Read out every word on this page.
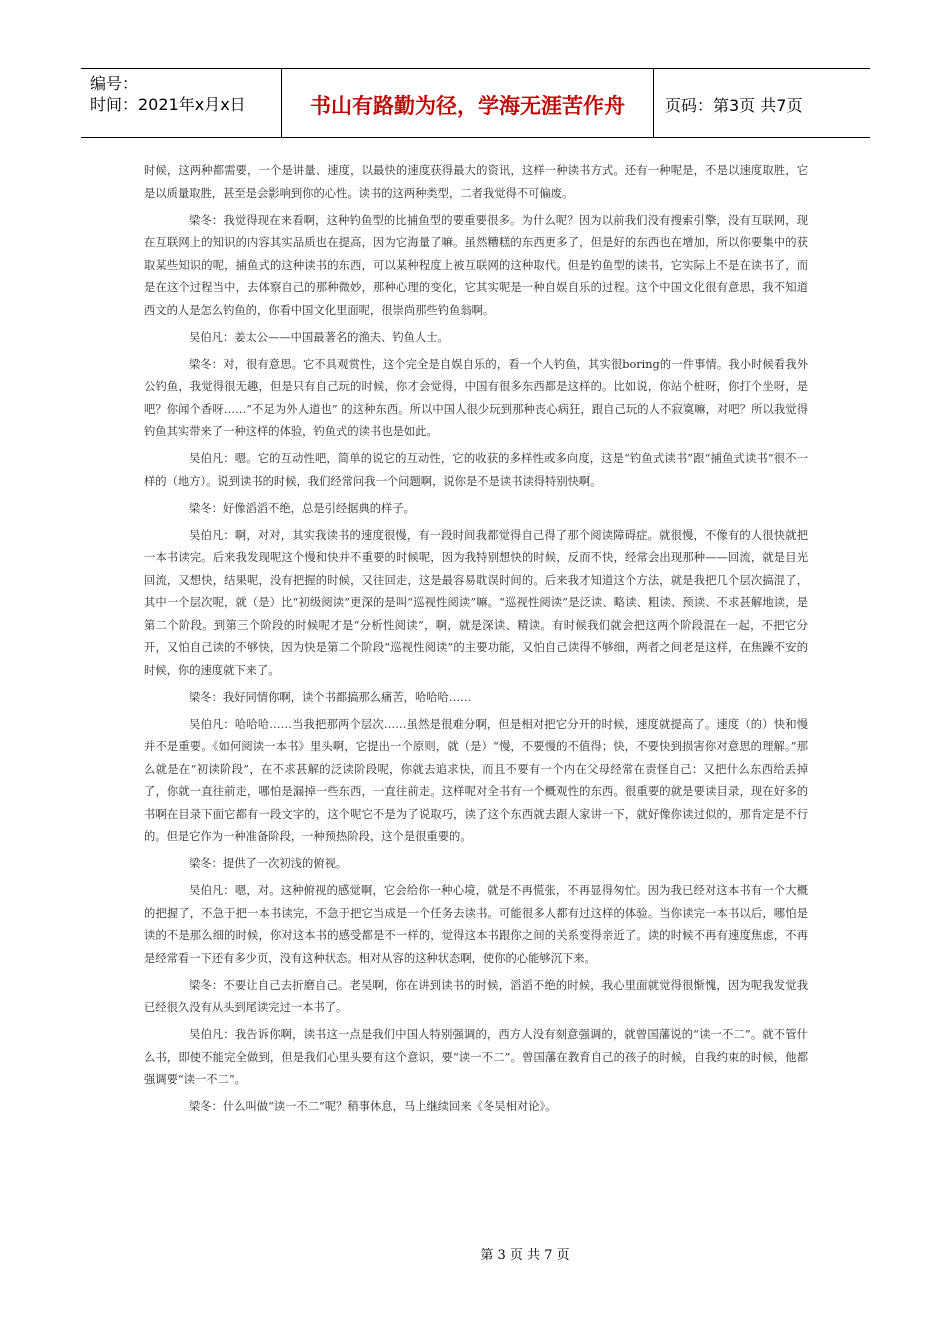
编号：
时间：2021年x月x日	书山有路勤为径，学海无涯苦作舟	页码：第3页 共7页

时候，这两种都需要，一个是讲量、速度，以最快的速度获得最大的资讯，这样一种读书方式。还有一种呢是，不是以速度取胜，它是以质量取胜，甚至是会影响到你的心性。读书的这两种类型，二者我觉得不可偏废。

梁冬：我觉得现在来看啊，这种钓鱼型的比捕鱼型的要重要很多。为什么呢？因为以前我们没有搜索引擎，没有互联网，现在互联网上的知识的内容其实品质也在提高，因为它海量了嘛。虽然糟糕的东西更多了，但是好的东西也在增加，所以你要集中的获取某些知识的呢，捕鱼式的这种读书的东西，可以某种程度上被互联网的这种取代。但是钓鱼型的读书，它实际上不是在读书了，而是在这个过程当中，去体察自己的那种微妙，那种心理的变化，它其实呢是一种自娱自乐的过程。这个中国文化很有意思，我不知道西文的人是怎么钓鱼的，你看中国文化里面呢，很崇尚那些钓鱼翁啊。

吴伯凡：姜太公——中国最著名的渔夫、钓鱼人士。

梁冬：对，很有意思。它不具观赏性，这个完全是自娱自乐的，看一个人钓鱼，其实很boring的一件事情。我小时候看我外公钓鱼，我觉得很无趣，但是只有自己玩的时候，你才会觉得，中国有很多东西都是这样的。比如说，你站个桩呀，你打个坐呀，是吧？你闻个香呀……“不足为外人道也” 的这种东西。所以中国人很少玩到那种丧心病狂，跟自己玩的人不寂寞嘛，对吧？所以我觉得钓鱼其实带来了一种这样的体验，钓鱼式的读书也是如此。

吴伯凡：嗯。它的互动性吧，简单的说它的互动性，它的收获的多样性或多向度，这是“钓鱼式读书”跟“捕鱼式读书”很不一样的（地方）。说到读书的时候，我们经常问我一个问题啊，说你是不是读书读得特别快啊。

梁冬：好像滔滔不绝，总是引经据典的样子。

吴伯凡：啊，对对，其实我读书的速度很慢，有一段时间我都觉得自己得了那个阅读障碍症。就很慢，不像有的人很快就把一本书读完。后来我发现呢这个慢和快并不重要的时候呢，因为我特别想快的时候，反而不快，经常会出现那种——回流，就是目光回流，又想快，结果呢，没有把握的时候，又往回走，这是最容易耽误时间的。后来我才知道这个方法，就是我把几个层次搞混了，其中一个层次呢，就（是）比“初级阅读”更深的是叫“巡视性阅读”嘛。“巡视性阅读”是泛读、略读、粗读、预读、不求甚解地读，是第二个阶段。到第三个阶段的时候呢才是“分析性阅读”，啊，就是深读、精读。有时候我们就会把这两个阶段混在一起，不把它分开，又怕自己读的不够快，因为快是第二个阶段“巡视性阅读”的主要功能，又怕自己读得不够细，两者之间老是这样，在焦躁不安的时候，你的速度就下来了。

梁冬：我好同情你啊，读个书都搞那么痛苦，哈哈哈……

吴伯凡：哈哈哈……当我把那两个层次……虽然是很难分啊，但是相对把它分开的时候，速度就提高了。速度（的）快和慢并不是重要。《如何阅读一本书》里头啊，它提出一个原则，就（是）“慢，不要慢的不值得；快，不要快到损害你对意思的理解。”那么就是在“初读阶段”，在不求甚解的泛读阶段呢，你就去追求快，而且不要有一个内在父母经常在责怪自己：又把什么东西给丢掉了，你就一直往前走，哪怕是漏掉一些东西，一直往前走。这样呢对全书有一个概观性的东西。很重要的就是要读目录，现在好多的书啊在目录下面它都有一段文字的，这个呢它不是为了说取巧，读了这个东西就去跟人家讲一下，就好像你读过似的，那肯定是不行的。但是它作为一种准备阶段，一种预热阶段，这个是很重要的。

梁冬：提供了一次初浅的俯视。

吴伯凡：嗯，对。这种俯视的感觉啊，它会给你一种心境，就是不再慌张，不再显得匆忙。因为我已经对这本书有一个大概的把握了，不急于把一本书读完，不急于把它当成是一个任务去读书。可能很多人都有过这样的体验。当你读完一本书以后，哪怕是读的不是那么细的时候，你对这本书的感受都是不一样的，觉得这本书跟你之间的关系变得亲近了。读的时候不再有速度焦虑，不再是经常看一下还有多少页，没有这种状态。相对从容的这种状态啊，使你的心能够沉下来。

梁冬：不要让自己去折磨自己。老吴啊，你在讲到读书的时候，滔滔不绝的时候，我心里面就觉得很惭愧，因为呢我发觉我已经很久没有从头到尾读完过一本书了。

吴伯凡：我告诉你啊，读书这一点是我们中国人特别强调的，西方人没有刻意强调的，就曾国藩说的“读一不二”。就不管什么书，即使不能完全做到，但是我们心里头要有这个意识，要“读一不二”。曾国藩在教育自己的孩子的时候，自我约束的时候，他都强调要“读一不二”。

梁冬：什么叫做“读一不二”呢？稍事休息，马上继续回来《冬吴相对论》。

第 3 页 共 7 页
